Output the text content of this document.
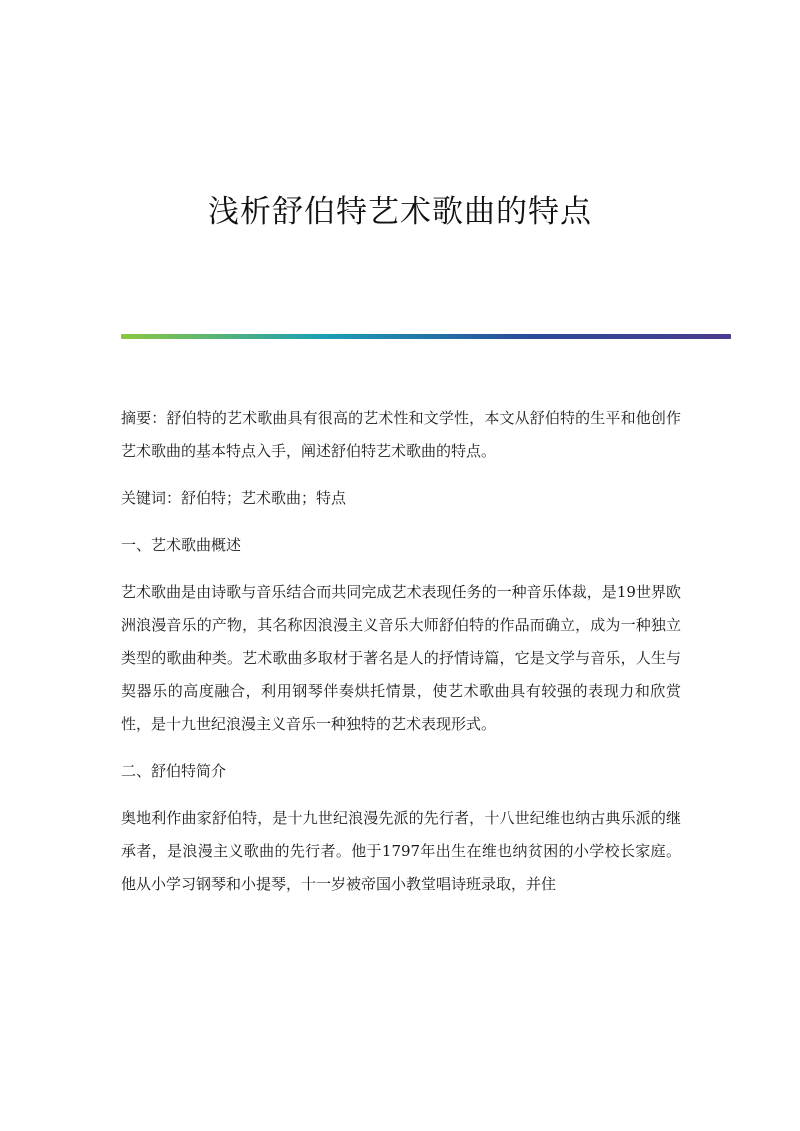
浅析舒伯特艺术歌曲的特点

摘要：舒伯特的艺术歌曲具有很高的艺术性和文学性，本文从舒伯特的生平和他创作艺术歌曲的基本特点入手，阐述舒伯特艺术歌曲的特点。

关键词：舒伯特；艺术歌曲；特点

一、艺术歌曲概述

艺术歌曲是由诗歌与音乐结合而共同完成艺术表现任务的一种音乐体裁，是19世界欧洲浪漫音乐的产物，其名称因浪漫主义音乐大师舒伯特的作品而确立，成为一种独立类型的歌曲种类。艺术歌曲多取材于著名是人的抒情诗篇，它是文学与音乐，人生与契器乐的高度融合，利用钢琴伴奏烘托情景，使艺术歌曲具有较强的表现力和欣赏性，是十九世纪浪漫主义音乐一种独特的艺术表现形式。

二、舒伯特简介

奥地利作曲家舒伯特，是十九世纪浪漫先派的先行者，十八世纪维也纳古典乐派的继承者，是浪漫主义歌曲的先行者。他于1797年出生在维也纳贫困的小学校长家庭。他从小学习钢琴和小提琴，十一岁被帝国小教堂唱诗班录取，并住
